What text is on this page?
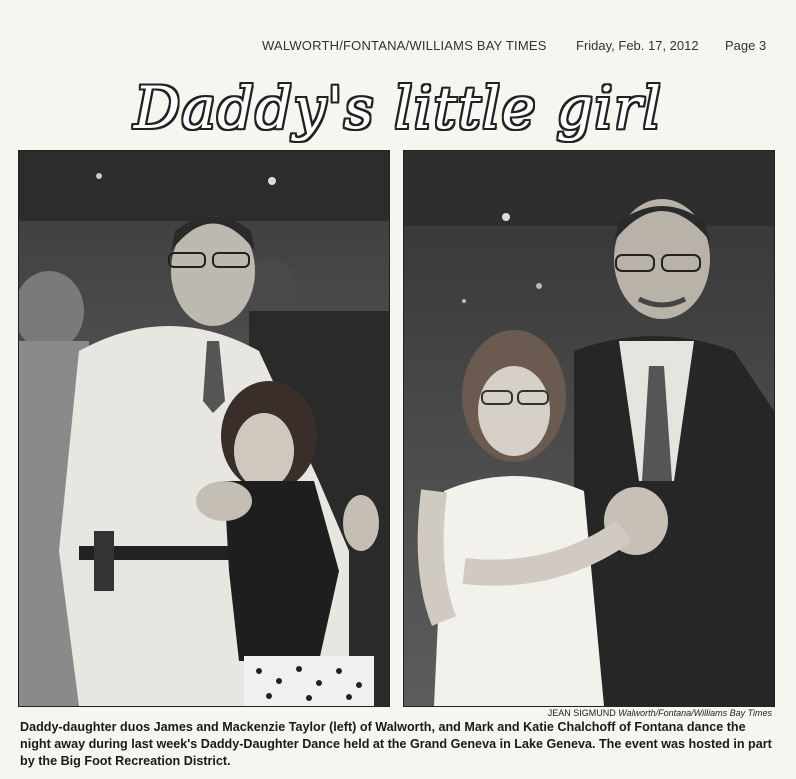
WALWORTH/FONTANA/WILLIAMS BAY TIMES Friday, Feb. 17, 2012 Page 3
Daddy's little girl
JEAN SIGMUND Walworth/Fontana/Williams Bay Times
Daddy-daughter duos James and Mackenzie Taylor (left) of Walworth, and Mark and Katie Chalchoff of Fontana dance the night away during last week's Daddy-Daughter Dance held at the Grand Geneva in Lake Geneva. The event was hosted in part by the Big Foot Recreation District.
